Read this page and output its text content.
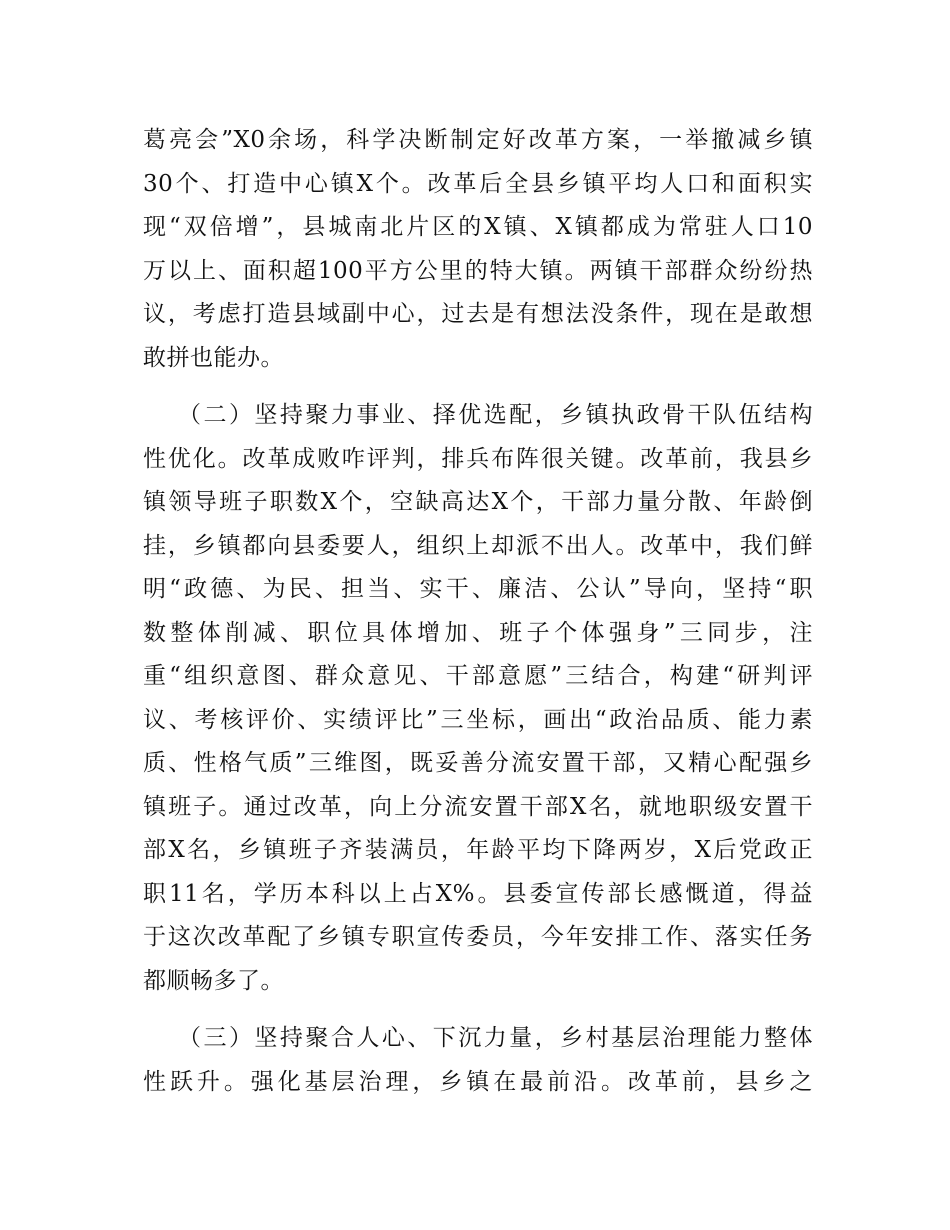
葛亮会”X0余场，科学决断制定好改革方案，一举撤减乡镇
30个、打造中心镇X个。改革后全县乡镇平均人口和面积实
现“双倍增”，县城南北片区的X镇、X镇都成为常驻人口10
万以上、面积超100平方公里的特大镇。两镇干部群众纷纷热
议，考虑打造县域副中心，过去是有想法没条件，现在是敢想
敢拼也能办。
（二）坚持聚力事业、择优选配，乡镇执政骨干队伍结构
性优化。改革成败咋评判，排兵布阵很关键。改革前，我县乡
镇领导班子职数X个，空缺高达X个，干部力量分散、年龄倒
挂，乡镇都向县委要人，组织上却派不出人。改革中，我们鲜
明“政德、为民、担当、实干、廉洁、公认”导向，坚持“职
数整体削减、职位具体增加、班子个体强身”三同步，注
重“组织意图、群众意见、干部意愿”三结合，构建“研判评
议、考核评价、实绩评比”三坐标，画出“政治品质、能力素
质、性格气质”三维图，既妥善分流安置干部，又精心配强乡
镇班子。通过改革，向上分流安置干部X名，就地职级安置干
部X名，乡镇班子齐装满员，年龄平均下降两岁，X后党政正
职11名，学历本科以上占X%。县委宣传部长感慨道，得益
于这次改革配了乡镇专职宣传委员，今年安排工作、落实任务
都顺畅多了。
（三）坚持聚合人心、下沉力量，乡村基层治理能力整体
性跃升。强化基层治理，乡镇在最前沿。改革前，县乡之
